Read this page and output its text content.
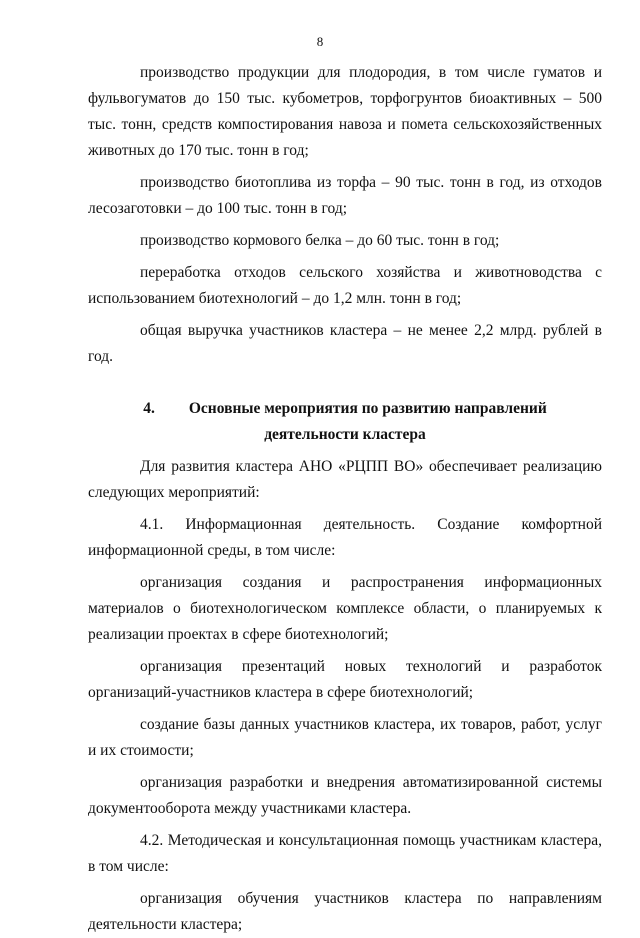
8

производство продукции для плодородия, в том числе гуматов и фульвогуматов до 150 тыс. кубометров, торфогрунтов биоактивных – 500 тыс. тонн, средств компостирования навоза и помета сельскохозяйственных животных до 170 тыс. тонн в год;

производство биотоплива из торфа – 90 тыс. тонн в год, из отходов лесозаготовки – до 100 тыс. тонн в год;

производство кормового белка – до 60 тыс. тонн в год;

переработка отходов сельского хозяйства и животноводства с использованием биотехнологий – до 1,2 млн. тонн в год;

общая выручка участников кластера – не менее 2,2 млрд. рублей в год.

4. Основные мероприятия по развитию направлений
деятельности кластера

Для развития кластера АНО «РЦПП ВО» обеспечивает реализацию следующих мероприятий:

4.1. Информационная деятельность. Создание комфортной информационной среды, в том числе:

организация создания и распространения информационных материалов о биотехнологическом комплексе области, о планируемых к реализации проектах в сфере биотехнологий;

организация презентаций новых технологий и разработок организаций-участников кластера в сфере биотехнологий;

создание базы данных участников кластера, их товаров, работ, услуг и их стоимости;

организация разработки и внедрения автоматизированной системы документооборота между участниками кластера.

4.2. Методическая и консультационная помощь участникам кластера, в том числе:

организация обучения участников кластера по направлениям деятельности кластера;
